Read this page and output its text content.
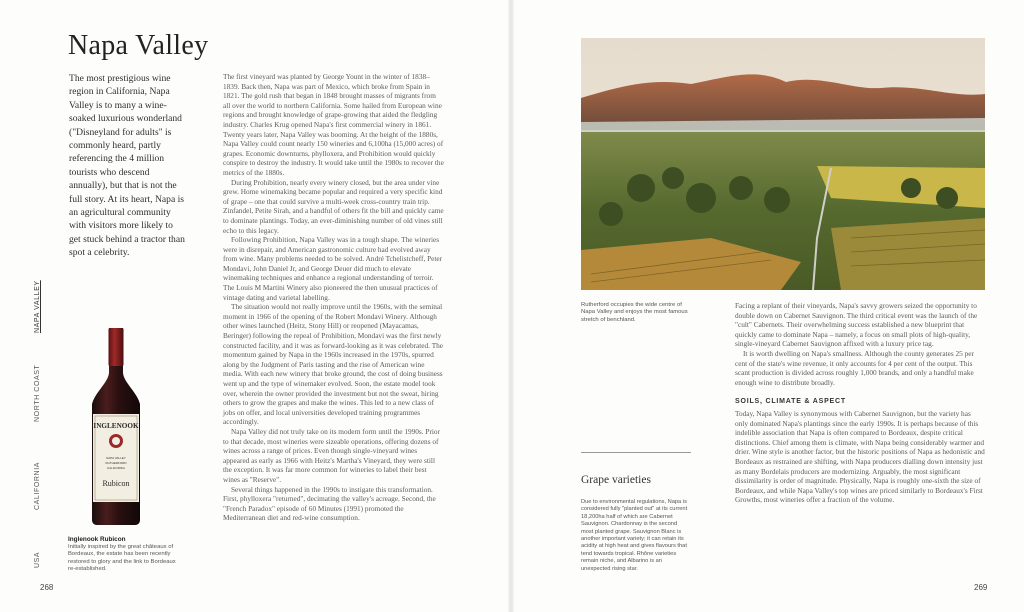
Napa Valley
The most prestigious wine region in California, Napa Valley is to many a wine-soaked luxurious wonderland ("Disneyland for adults" is commonly heard, partly referencing the 4 million tourists who descend annually), but that is not the full story. At its heart, Napa is an agricultural community with visitors more likely to get stuck behind a tractor than spot a celebrity.

The first vineyard was planted by George Yount in the winter of 1838–1839. Back then, Napa was part of Mexico, which broke from Spain in 1821. The gold rush that began in 1848 brought masses of migrants from all over the world to northern California. Some hailed from European wine regions and brought knowledge of grape-growing that aided the fledgling industry. Charles Krug opened Napa's first commercial winery in 1861. Twenty years later, Napa Valley was booming. At the height of the 1880s, Napa Valley could count nearly 150 wineries and 6,100ha (15,000 acres) of grapes. Economic downturns, phylloxera, and Prohibition would quickly conspire to destroy the industry. It would take until the 1980s to recover the metrics of the 1880s.

During Prohibition, nearly every winery closed, but the area under vine grew. Home winemaking became popular and required a very specific kind of grape – one that could survive a multi-week cross-country train trip. Zinfandel, Petite Sirah, and a handful of others fit the bill and quickly came to dominate plantings. Today, an ever-diminishing number of old vines still echo to this legacy.

Following Prohibition, Napa Valley was in a tough shape. The wineries were in disrepair, and American gastronomic culture had evolved away from wine. Many problems needed to be solved. André Tchelistcheff, Peter Mondavi, John Daniel Jr, and George Deuer did much to elevate winemaking techniques and enhance a regional understanding of terroir. The Louis M Martini Winery also pioneered the then unusual practices of vintage dating and varietal labelling.

The situation would not really improve until the 1960s, with the seminal moment in 1966 of the opening of the Robert Mondavi Winery. Although other wines launched (Heitz, Stony Hill) or reopened (Mayacamas, Beringer) following the repeal of Prohibition, Mondavi was the first newly constructed facility, and it was as forward-looking as it was celebrated. The momentum gained by Napa in the 1960s increased in the 1970s, spurred along by the Judgment of Paris tasting and the rise of American wine media. With each new winery that broke ground, the cost of doing business went up and the type of winemaker evolved. Soon, the estate model took over, wherein the owner provided the investment but not the sweat, hiring others to grow the grapes and make the wines. This led to a new class of jobs on offer, and local universities developed training programmes accordingly.

Napa Valley did not truly take on its modern form until the 1990s. Prior to that decade, most wineries were sizeable operations, offering dozens of wines across a range of prices. Even though single-vineyard wines appeared as early as 1966 with Heitz's Martha's Vineyard, they were still the exception. It was far more common for wineries to label their best wines as "Reserve".

Several things happened in the 1990s to instigate this transformation. First, phylloxera "returned", decimating the valley's acreage. Second, the "French Paradox" episode of 60 Minutes (1991) promoted the Mediterranean diet and red-wine consumption.

USA
CALIFORNIA
NORTH COAST
NAPA VALLEY
INGLENOOK
NAPA VALLEY
RUTHERFORD
CALIFORNIA
Rubicon
Inglenook Rubicon
Initially inspired by the great châteaux of Bordeaux, the estate has been recently restored to glory and the link to Bordeaux re-established.
268
Rutherford occupies the wide centre of Napa Valley and enjoys the most famous stretch of benchland.

Facing a replant of their vineyards, Napa's savvy growers seized the opportunity to double down on Cabernet Sauvignon. The third critical event was the launch of the "cult" Cabernets. Their overwhelming success established a new blueprint that quickly came to dominate Napa – namely, a focus on small plots of high-quality, single-vineyard Cabernet Sauvignon affixed with a luxury price tag.

It is worth dwelling on Napa's smallness. Although the county generates 25 per cent of the state's wine revenue, it only accounts for 4 per cent of the output. This scant production is divided across roughly 1,000 brands, and only a handful make enough wine to distribute broadly.

SOILS, CLIMATE & ASPECT

Today, Napa Valley is synonymous with Cabernet Sauvignon, but the variety has only dominated Napa's plantings since the early 1990s. It is perhaps because of this indelible association that Napa is often compared to Bordeaux, despite critical distinctions. Chief among them is climate, with Napa being considerably warmer and drier. Wine style is another factor, but the historic positions of Napa as hedonistic and Bordeaux as restrained are shifting, with Napa producers dialling down intensity just as many Bordelais producers are modernizing. Arguably, the most significant dissimilarity is order of magnitude. Physically, Napa is roughly one-sixth the size of Bordeaux, and while Napa Valley's top wines are priced similarly to Bordeaux's First Growths, most wineries offer a fraction of the volume.

Grape varieties
Due to environmental regulations, Napa is considered fully "planted out" at its current 18,200ha half of which are Cabernet Sauvignon. Chardonnay is the second most planted grape. Sauvignon Blanc is another important variety; it can retain its acidity at high heat and gives flavours that tend towards tropical. Rhône varieties remain niche, and Albarino is an unexpected rising star.
269
